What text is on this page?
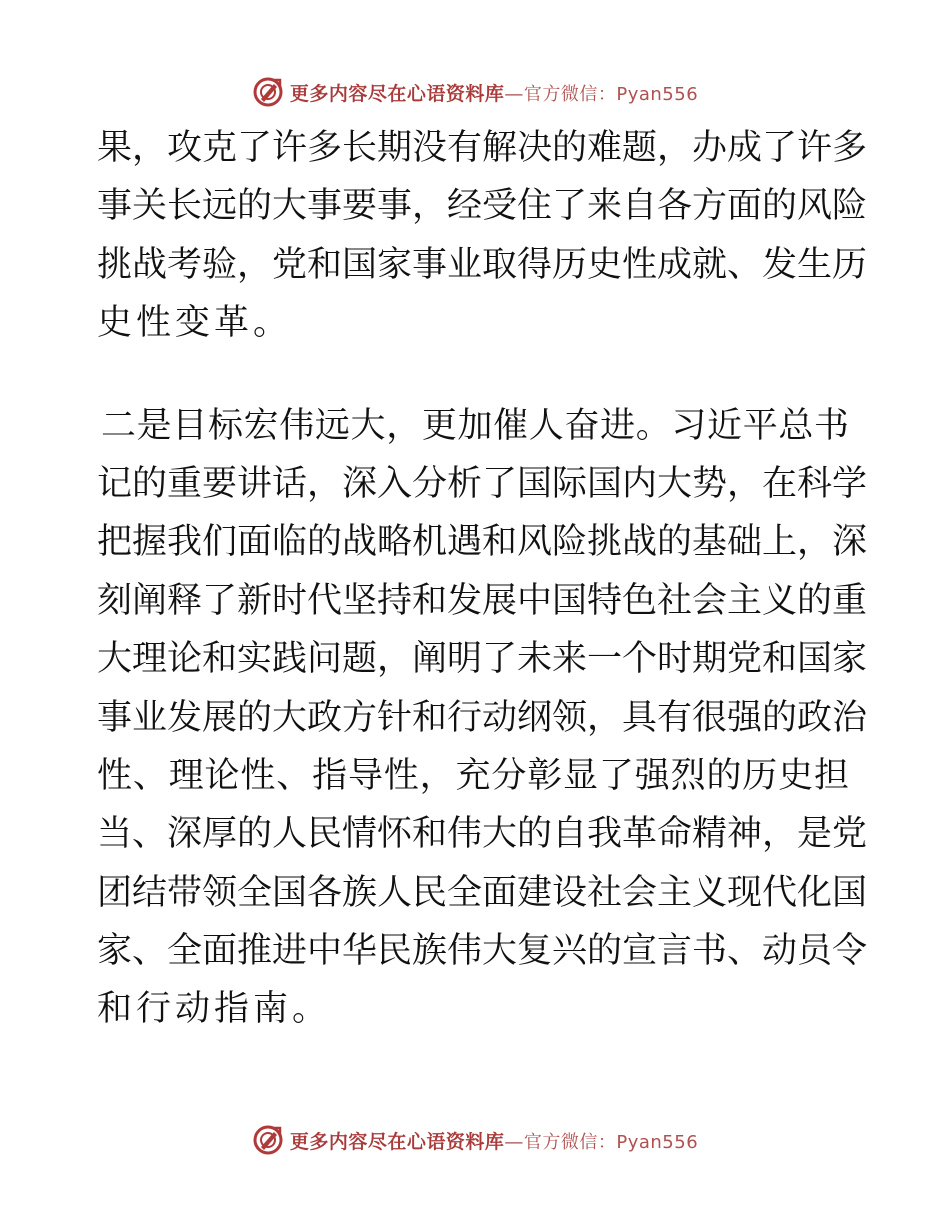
更多内容尽在心语资料库—官方微信：Pyan556
果，攻克了许多长期没有解决的难题，办成了许多
事关长远的大事要事，经受住了来自各方面的风险
挑战考验，党和国家事业取得历史性成就、发生历
史性变革。
二是目标宏伟远大，更加催人奋进。习近平总书
记的重要讲话，深入分析了国际国内大势，在科学
把握我们面临的战略机遇和风险挑战的基础上，深
刻阐释了新时代坚持和发展中国特色社会主义的重
大理论和实践问题，阐明了未来一个时期党和国家
事业发展的大政方针和行动纲领，具有很强的政治
性、理论性、指导性，充分彰显了强烈的历史担
当、深厚的人民情怀和伟大的自我革命精神，是党
团结带领全国各族人民全面建设社会主义现代化国
家、全面推进中华民族伟大复兴的宣言书、动员令
和行动指南。
更多内容尽在心语资料库—官方微信：Pyan556
